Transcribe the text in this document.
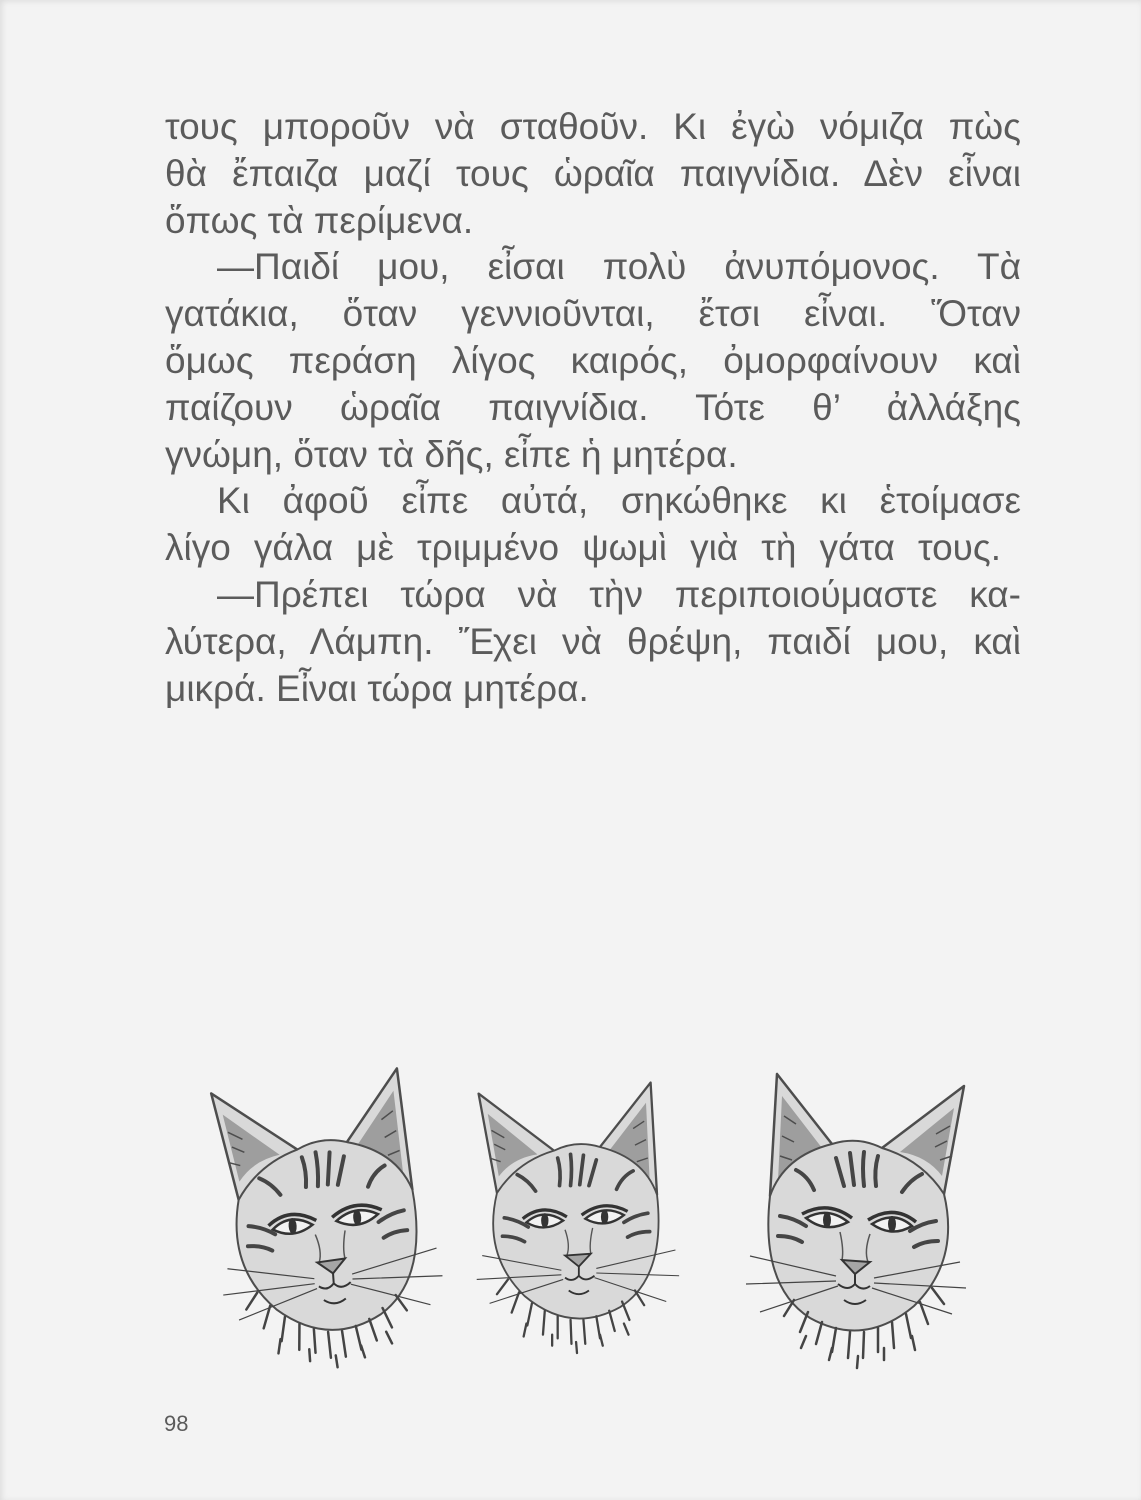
τους μποροῦν νὰ σταθοῦν. Κι ἐγὼ νόμιζα πὼς
θὰ ἔπαιζα μαζί τους ὡραῖα παιγνίδια. Δὲν εἶναι
ὅπως τὰ περίμενα.
—Παιδί μου, εἶσαι πολὺ ἀνυπόμονος. Τὰ
γατάκια, ὅταν γεννιοῦνται, ἔτσι εἶναι. Ὅταν
ὅμως περάση λίγος καιρός, ὀμορφαίνουν καὶ
παίζουν ὡραῖα παιγνίδια. Τότε θ’ ἀλλάξης
γνώμη, ὅταν τὰ δῆς, εἶπε ἡ μητέρα.
Κι ἀφοῦ εἶπε αὐτά, σηκώθηκε κι ἑτοίμασε
λίγο γάλα μὲ τριμμένο ψωμὶ γιὰ τὴ γάτα τους.
—Πρέπει τώρα νὰ τὴν περιποιούμαστε κα-
λύτερα, Λάμπη. Ἔχει νὰ θρέψη, παιδί μου, καὶ
μικρά. Εἶναι τώρα μητέρα.
98
